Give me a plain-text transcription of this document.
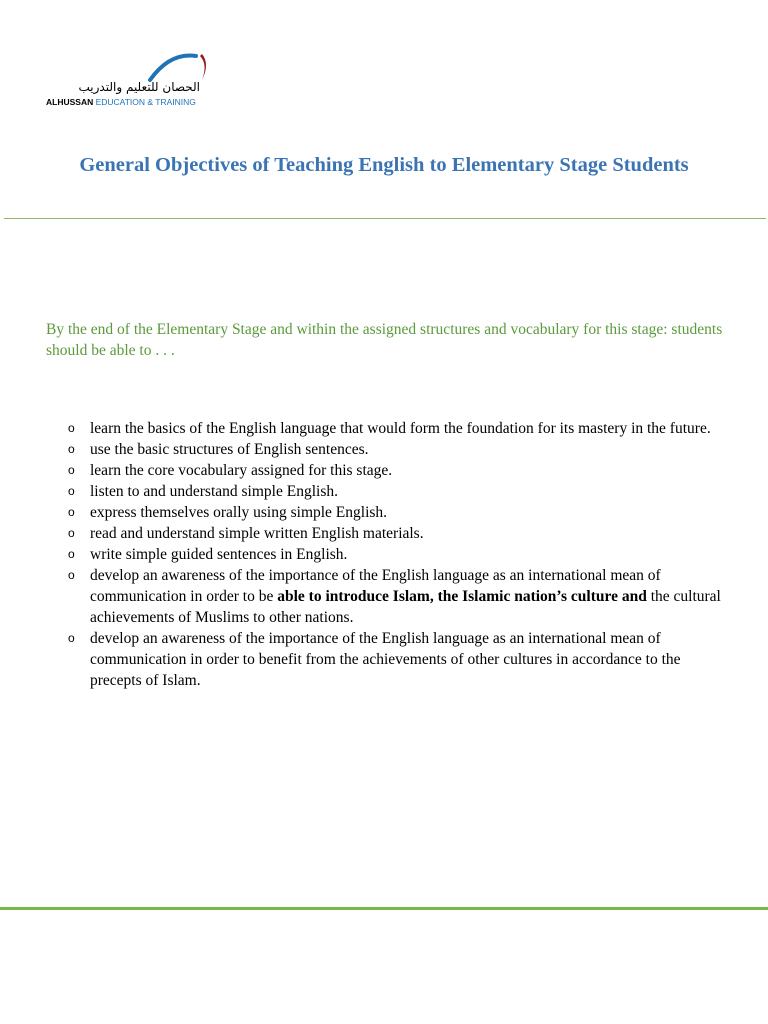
الحصان للتعليم والتدريب
ALHUSSAN EDUCATION & TRAINING
General Objectives of Teaching English to Elementary Stage Students

By the end of the Elementary Stage and within the assigned structures and vocabulary for this stage: students should be able to . . .

o learn the basics of the English language that would form the foundation for its mastery in the future.
o use the basic structures of English sentences.
o learn the core vocabulary assigned for this stage.
o listen to and understand simple English.
o express themselves orally using simple English.
o read and understand simple written English materials.
o write simple guided sentences in English.
o develop an awareness of the importance of the English language as an international mean of communication in order to be able to introduce Islam, the Islamic nation’s culture and the cultural achievements of Muslims to other nations.
o develop an awareness of the importance of the English language as an international mean of communication in order to benefit from the achievements of other cultures in accordance to the precepts of Islam.
